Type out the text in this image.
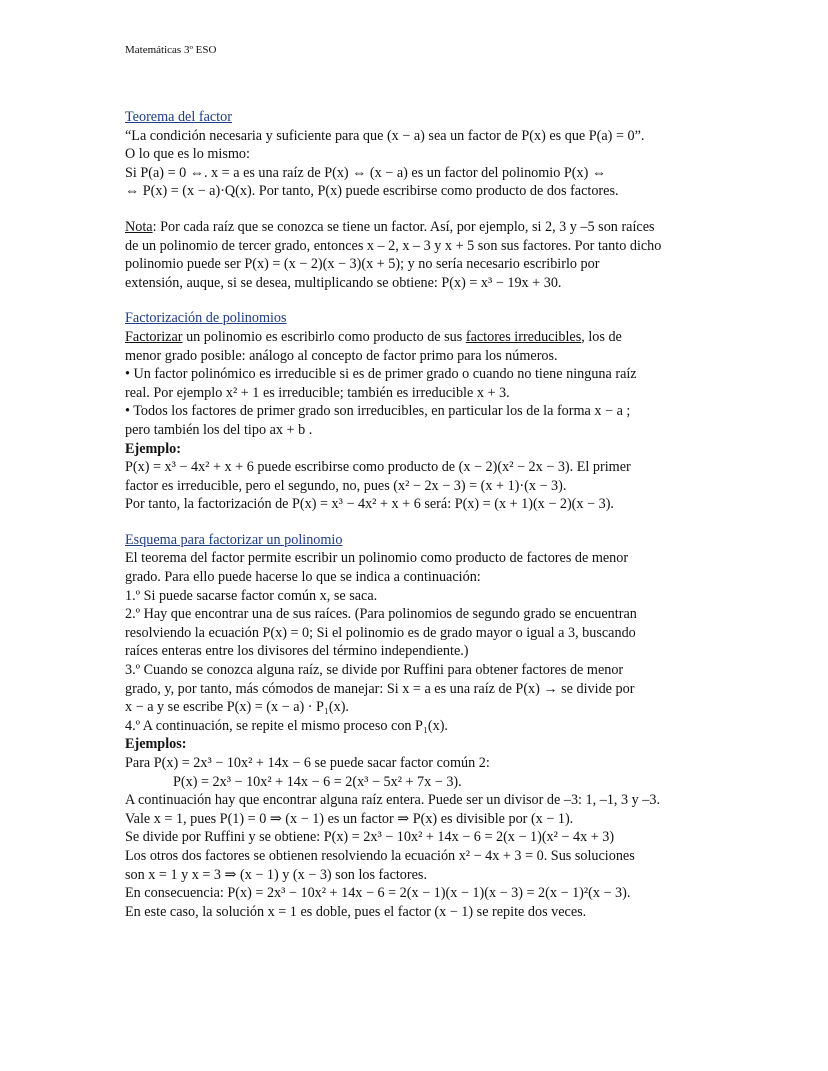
Matemáticas 3º ESO

Teorema del factor

“La condición necesaria y suficiente para que (x − a) sea un factor de P(x) es que P(a) = 0”.

O lo que es lo mismo:

Si P(a) = 0 ⇔. x = a es una raíz de P(x) ⇔ (x − a) es un factor del polinomio P(x) ⇔

⇔ P(x) = (x − a)·Q(x). Por tanto, P(x) puede escribirse como producto de dos factores.

Nota: Por cada raíz que se conozca se tiene un factor. Así, por ejemplo, si 2, 3 y –5 son raíces

de un polinomio de tercer grado, entonces x – 2, x – 3 y x + 5 son sus factores. Por tanto dicho

polinomio puede ser P(x) = (x − 2)(x − 3)(x + 5); y no sería necesario escribirlo por

extensión, auque, si se desea, multiplicando se obtiene: P(x) = x³ − 19x + 30.

Factorización de polinomios

Factorizar un polinomio es escribirlo como producto de sus factores irreducibles, los de

menor grado posible: análogo al concepto de factor primo para los números.

• Un factor polinómico es irreducible si es de primer grado o cuando no tiene ninguna raíz

real. Por ejemplo x² + 1 es irreducible; también es irreducible x + 3.

• Todos los factores de primer grado son irreducibles, en particular los de la forma x − a ;

pero también los del tipo ax + b .

Ejemplo:

P(x) = x³ − 4x² + x + 6 puede escribirse como producto de (x − 2)(x² − 2x − 3). El primer

factor es irreducible, pero el segundo, no, pues (x² − 2x − 3) = (x + 1)·(x − 3).

Por tanto, la factorización de P(x) = x³ − 4x² + x + 6 será: P(x) = (x + 1)(x − 2)(x − 3).

Esquema para factorizar un polinomio

El teorema del factor permite escribir un polinomio como producto de factores de menor

grado. Para ello puede hacerse lo que se indica a continuación:

1.º Si puede sacarse factor común x, se saca.

2.º Hay que encontrar una de sus raíces. (Para polinomios de segundo grado se encuentran

resolviendo la ecuación P(x) = 0; Si el polinomio es de grado mayor o igual a 3, buscando

raíces enteras entre los divisores del término independiente.)

3.º Cuando se conozca alguna raíz, se divide por Ruffini para obtener factores de menor

grado, y, por tanto, más cómodos de manejar: Si x = a es una raíz de P(x) → se divide por

x − a y se escribe P(x) = (x − a) · P₁(x).

4.º A continuación, se repite el mismo proceso con P₁(x).

Ejemplos:

Para P(x) = 2x³ − 10x² + 14x − 6 se puede sacar factor común 2:

P(x) = 2x³ − 10x² + 14x − 6 = 2(x³ − 5x² + 7x − 3).

A continuación hay que encontrar alguna raíz entera. Puede ser un divisor de –3: 1, –1, 3 y –3.

Vale x = 1, pues P(1) = 0 ⇒ (x − 1) es un factor ⇒ P(x) es divisible por (x − 1).

Se divide por Ruffini y se obtiene: P(x) = 2x³ − 10x² + 14x − 6 = 2(x − 1)(x² − 4x + 3)

Los otros dos factores se obtienen resolviendo la ecuación x² − 4x + 3 = 0. Sus soluciones

son x = 1 y x = 3 ⇒ (x − 1) y (x − 3) son los factores.

En consecuencia: P(x) = 2x³ − 10x² + 14x − 6 = 2(x − 1)(x − 1)(x − 3) = 2(x − 1)²(x − 3).

En este caso, la solución x = 1 es doble, pues el factor (x − 1) se repite dos veces.
